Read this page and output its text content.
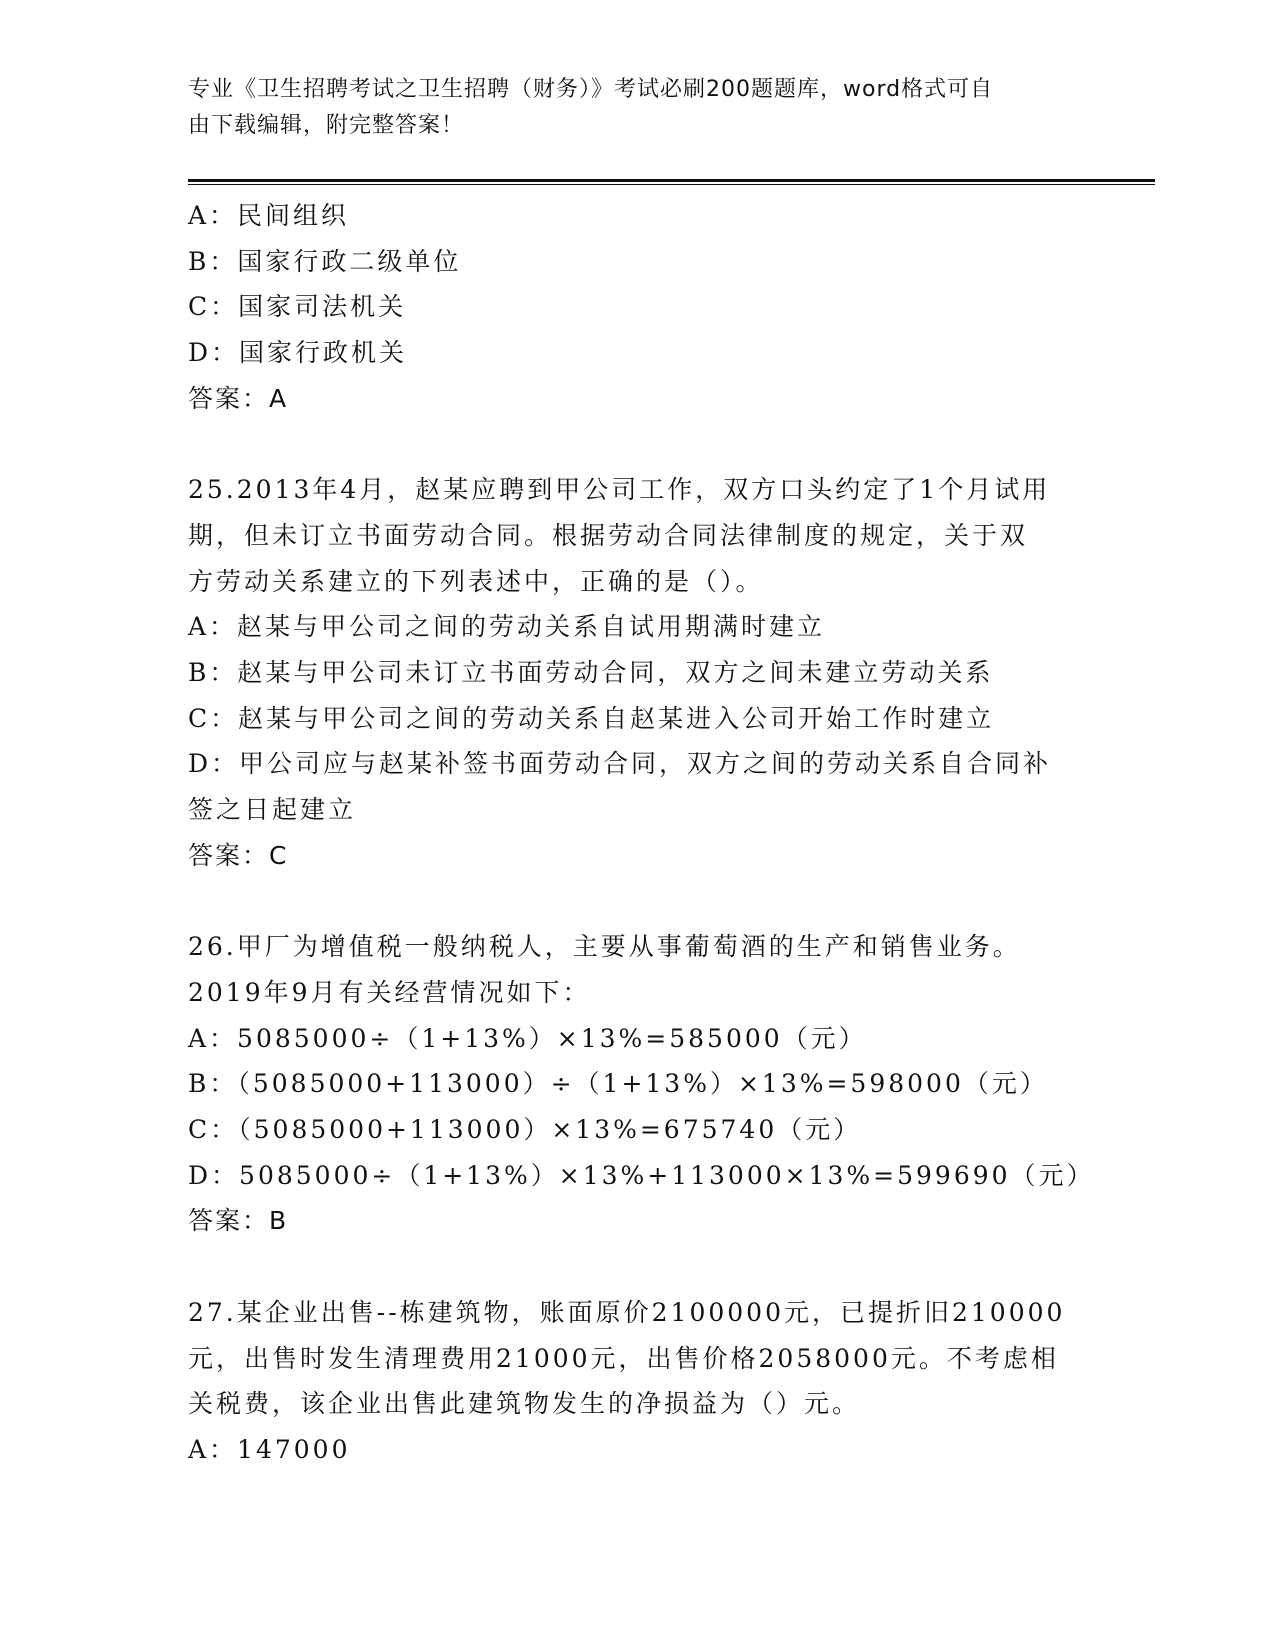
专业《卫生招聘考试之卫生招聘（财务）》考试必刷200题题库，word格式可自
由下载编辑，附完整答案！
A：民间组织
B：国家行政二级单位
C：国家司法机关
D：国家行政机关
答案：A
25.2013年4月，赵某应聘到甲公司工作，双方口头约定了1个月试用
期，但未订立书面劳动合同。根据劳动合同法律制度的规定，关于双
方劳动关系建立的下列表述中，正确的是（）。
A：赵某与甲公司之间的劳动关系自试用期满时建立
B：赵某与甲公司未订立书面劳动合同，双方之间未建立劳动关系
C：赵某与甲公司之间的劳动关系自赵某进入公司开始工作时建立
D：甲公司应与赵某补签书面劳动合同，双方之间的劳动关系自合同补
签之日起建立
答案：C
26.甲厂为增值税一般纳税人，主要从事葡萄酒的生产和销售业务。
2019年9月有关经营情况如下：
A：5085000÷（1+13%）×13%=585000（元）
B：（5085000+113000）÷（1+13%）×13%=598000（元）
C：（5085000+113000）×13%=675740（元）
D：5085000÷（1+13%）×13%+113000×13%=599690（元）
答案：B
27.某企业出售--栋建筑物，账面原价2100000元，已提折旧210000
元，出售时发生清理费用21000元，出售价格2058000元。不考虑相
关税费，该企业出售此建筑物发生的净损益为（）元。
A：147000
